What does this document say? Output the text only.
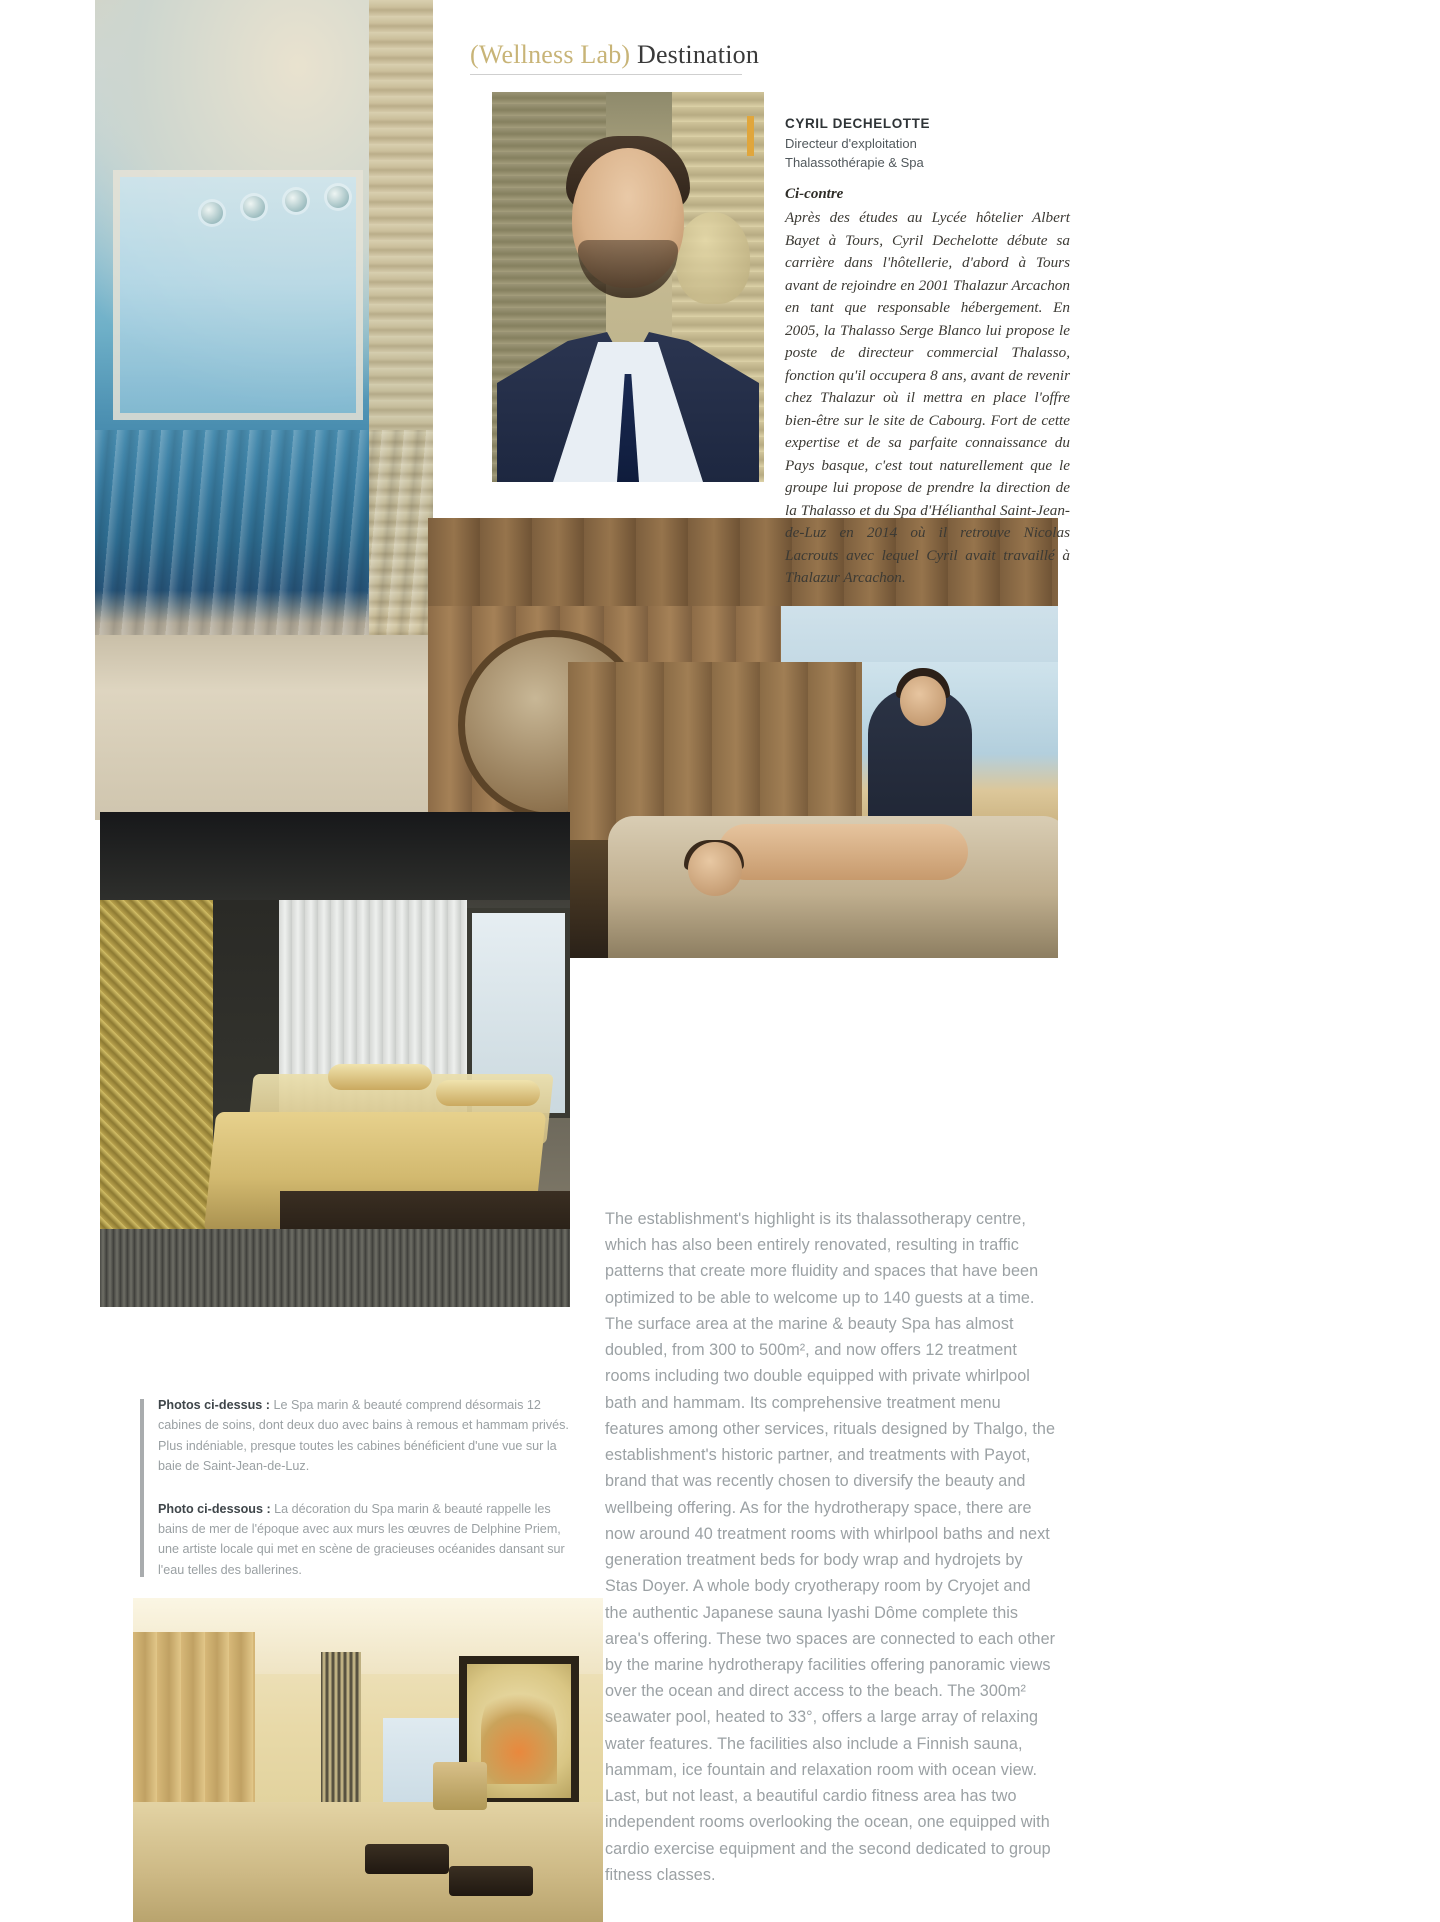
(Wellness Lab) Destination
CYRIL DECHELOTTE
Directeur d'exploitation
Thalassothérapie & Spa
Ci-contre
Après des études au Lycée hôtelier Albert Bayet à Tours, Cyril Dechelotte débute sa carrière dans l'hôtellerie, d'abord à Tours avant de rejoindre en 2001 Thalazur Arcachon en tant que responsable hébergement. En 2005, la Thalasso Serge Blanco lui propose le poste de directeur commercial Thalasso, fonction qu'il occupera 8 ans, avant de revenir chez Thalazur où il mettra en place l'offre bien-être sur le site de Cabourg. Fort de cette expertise et de sa parfaite connaissance du Pays basque, c'est tout naturellement que le groupe lui propose de prendre la direction de la Thalasso et du Spa d'Hélianthal Saint-Jean-de-Luz en 2014 où il retrouve Nicolas Lacrouts avec lequel Cyril avait travaillé à Thalazur Arcachon.
Photos ci-dessus : Le Spa marin & beauté comprend désormais 12 cabines de soins, dont deux duo avec bains à remous et hammam privés. Plus indéniable, presque toutes les cabines bénéficient d'une vue sur la baie de Saint-Jean-de-Luz.
Photo ci-dessous : La décoration du Spa marin & beauté rappelle les bains de mer de l'époque avec aux murs les œuvres de Delphine Priem, une artiste locale qui met en scène de gracieuses océanides dansant sur l'eau telles des ballerines.
The establishment's highlight is its thalassotherapy centre, which has also been entirely renovated, resulting in traffic patterns that create more fluidity and spaces that have been optimized to be able to welcome up to 140 guests at a time. The surface area at the marine & beauty Spa has almost doubled, from 300 to 500m², and now offers 12 treatment rooms including two double equipped with private whirlpool bath and hammam. Its comprehensive treatment menu features among other services, rituals designed by Thalgo, the establishment's historic partner, and treatments with Payot, brand that was recently chosen to diversify the beauty and wellbeing offering. As for the hydrotherapy space, there are now around 40 treatment rooms with whirlpool baths and next generation treatment beds for body wrap and hydrojets by Stas Doyer. A whole body cryotherapy room by Cryojet and the authentic Japanese sauna Iyashi Dôme complete this area's offering. These two spaces are connected to each other by the marine hydrotherapy facilities offering panoramic views over the ocean and direct access to the beach. The 300m² seawater pool, heated to 33°, offers a large array of relaxing water features. The facilities also include a Finnish sauna, hammam, ice fountain and relaxation room with ocean view. Last, but not least, a beautiful cardio fitness area has two independent rooms overlooking the ocean, one equipped with cardio exercise equipment and the second dedicated to group fitness classes.
